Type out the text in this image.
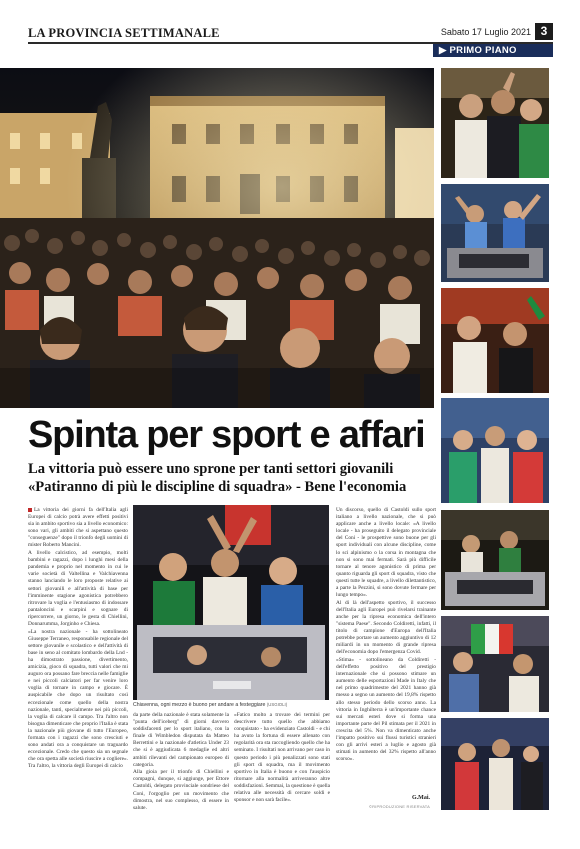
LA PROVINCIA SETTIMANALE	Sabato 17 Luglio 2021 3
▶ PRIMO PIANO
Spinta per sport e affari
La vittoria può essere uno sprone per tanti settori giovanili
«Patiranno di più le discipline di squadra» - Bene l'economia
Chiavenna, ogni mezzo è buono per andare a festeggiare (USGIOLI)

La vittoria dei giorni fa dell'Italia agli Europei di calcio potrà avere effetti positivi sia in ambito sportivo sia a livello economico: sono vari, gli ambiti che si aspettano questo "conseguenze" dopo il trionfo degli uomini di mister Roberto Mancini.

A livello calcistico, ad esempio, molti bambini e ragazzi, dopo i lunghi mesi della pandemia e proprio nel momento in cui le varie società di Valtellina e Valchiavenna stanno lanciando le loro proposte relative ai settori giovanili e all'attività di base per l'imminente stagione agonistica potrebbero ritrovare la voglia e l'entusiasmo di indossare pantaloncini e scarpini e sognare di ripercorrere, un giorno, le gesta di Chiellini, Donnarumma, Jorginho e Chiesa.

«La nostra nazionale - ha sottolineato Giuseppe Terraneo, responsabile regionale del settore giovanile e scolastico e dell'attività di base in seno al comitato lombardo della Lnd - ha dimostrato passione, divertimento, amicizia, gioco di squadra, tutti valori che mi auguro ora possano fare breccia nelle famiglie e nei piccoli calciatori per far venire loro voglia di tornare in campo e giocare. È auspicabile che dopo un risultato così eccezionale come quello della nostra nazionale, tanti, specialmente nei più piccoli, la voglia di calcare il campo. Tra l'altro non bisogna dimenticare che proprio l'Italia è stata la nazionale più giovane di tutto l'Europeo, formata con i ragazzi che sono cresciuti e sono andati ora a conquistare un traguardo eccezionale. Credo che questo sia un segnale che ora spetta alle società riuscire a cogliere». Tra l'altro, la vittoria degli Europei di calcio

da parte della nazionale è stata solamente la "punta dell'iceberg" di giorni davvero soddisfacenti per lo sport italiano, con la finale di Wimbledon disputata da Matteo Berrettini e la nazionale d'atletica Under 23 che si è aggiudicata 6 medaglie ed altri ambiti rilevanti del campionato europeo di categoria.

Alla gioia per il trionfo di Chiellini e compagni, dunque, si aggiunge, per Ettore Castoldi, delegato provinciale sondriese del Coni, l'orgoglio per un movimento che dimostra, nel suo complesso, di essere in salute.

«Fatico molto a trovare dei termini per descrivere tutto quello che abbiamo conquistato - ha evidenziato Castoldi - e chi ha avuto la fortuna di essere allenato con regolarità ora sta raccogliendo quello che ha seminato. I risultati non arrivano per caso in questo periodo i più penalizzati sono stati gli sport di squadra, ma il movimento sportivo in Italia è buono e con l'auspicio ritornare alla normalità arriveranno altre soddisfazioni. Semmai, la questione è quella relativa alle necessità di cercare soldi e sponsor e non sarà facile».

Un discorso, quello di Castoldi sullo sport italiano a livello nazionale, che si può applicare anche a livello locale: «A livello locale - ha proseguito il delegato provinciale del Coni - le prospettive sono buone per gli sport individuali con alcune discipline, come lo sci alpinismo o la corsa in montagna che non si sono mai fermati. Sarà più difficile tornare al tenore agonistico di prima per quanto riguarda gli sport di squadra, visto che questi tutte le squadre, a livello dilettantistico, a parte la Pezzini, si sono dovute fermare per lungo tempo».

Al di là dell'aspetto sportivo, il successo dell'Italia agli Europei può rivelarsi trainante anche per la ripresa economica dell'intero "sistema Paese". Secondo Coldiretti, infatti, il titolo di campione d'Europa dell'Italia potrebbe portare un aumento aggiuntivo di 12 miliardi in un momento di grande ripresa dell'economia dopo l'emergenza Covid.

«Stima» - sottolineano da Coldiretti - dell'effetto positivo del prestigio internazionale che si possono stimare un aumento delle esportazioni Made in Italy che nel primo quadrimestre del 2021 hanno già messo a segno un aumento del 19,8% rispetto allo stesso periodo dello scorso anno. La vittoria in Inghilterra è un'importante chance sui mercati esteri dove si forma una importante parte del Pil stimata per il 2021 in crescita del 5%. Non va dimenticato anche l'impatto positivo sui flussi turistici stranieri con gli arrivi esteri a luglio e agosto già stimati in aumento del 32% rispetto all'anno scorso».

G.Mai.
©RIPRODUZIONE RISERVATA
